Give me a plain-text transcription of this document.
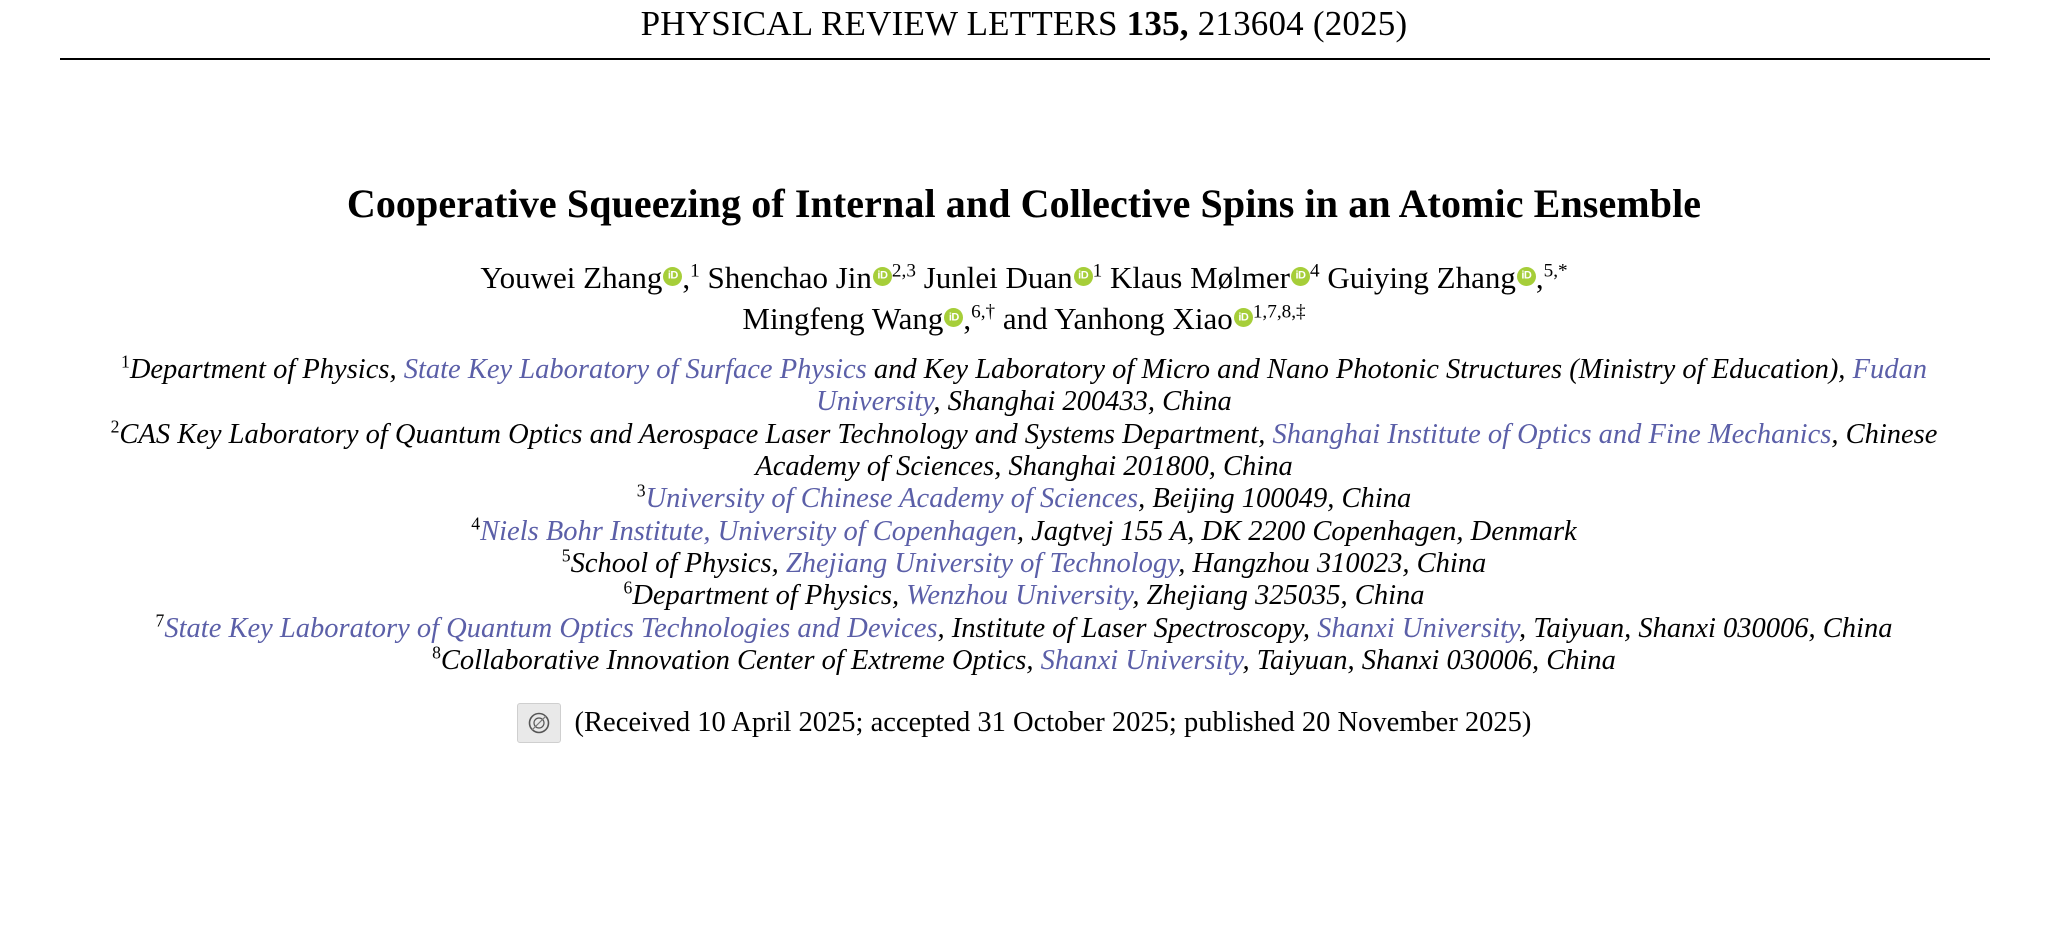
PHYSICAL REVIEW LETTERS 135, 213604 (2025)
Cooperative Squeezing of Internal and Collective Spins in an Atomic Ensemble
Youwei Zhang iD ,$^1$ Shenchao Jin iD $^{2,3}$ Junlei Duan iD $^1$ Klaus Mølmer iD $^4$ Guiying Zhang iD ,$^{5,*}$
Mingfeng Wang iD ,$^{6,\dagger}$ and Yanhong Xiao iD $^{1,7,8,\ddagger}$

$^1$Department of Physics, State Key Laboratory of Surface Physics and Key Laboratory of Micro and Nano Photonic Structures (Ministry of Education), Fudan University, Shanghai 200433, China

$^2$CAS Key Laboratory of Quantum Optics and Aerospace Laser Technology and Systems Department, Shanghai Institute of Optics and Fine Mechanics, Chinese Academy of Sciences, Shanghai 201800, China

$^3$University of Chinese Academy of Sciences, Beijing 100049, China

$^4$Niels Bohr Institute, University of Copenhagen, Jagtvej 155 A, DK 2200 Copenhagen, Denmark

$^5$School of Physics, Zhejiang University of Technology, Hangzhou 310023, China

$^6$Department of Physics, Wenzhou University, Zhejiang 325035, China

$^7$State Key Laboratory of Quantum Optics Technologies and Devices, Institute of Laser Spectroscopy, Shanxi University, Taiyuan, Shanxi 030006, China

$^8$Collaborative Innovation Center of Extreme Optics, Shanxi University, Taiyuan, Shanxi 030006, China

(Received 10 April 2025; accepted 31 October 2025; published 20 November 2025)
